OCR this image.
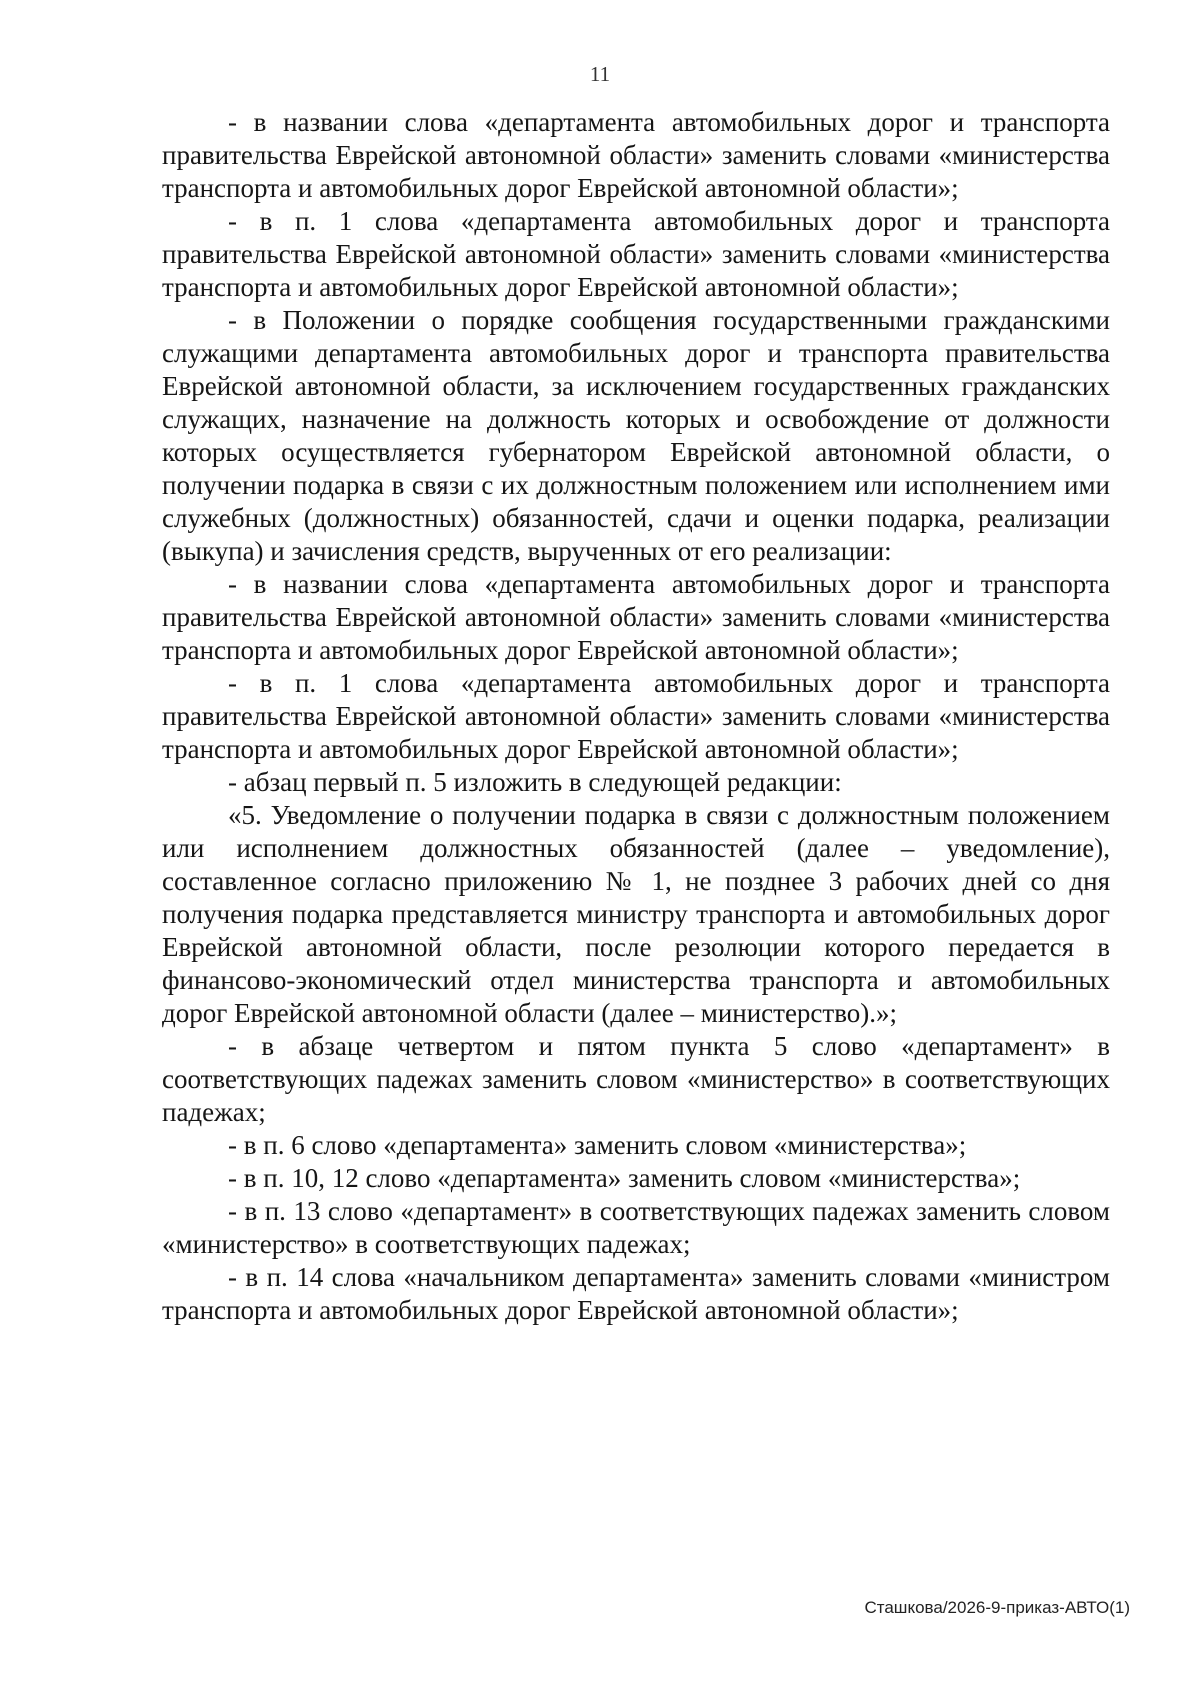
11

- в названии слова «департамента автомобильных дорог и транспорта правительства Еврейской автономной области» заменить словами «министерства транспорта и автомобильных дорог Еврейской автономной области»;

- в п. 1 слова «департамента автомобильных дорог и транспорта правительства Еврейской автономной области» заменить словами «министерства транспорта и автомобильных дорог Еврейской автономной области»;

- в Положении о порядке сообщения государственными гражданскими служащими департамента автомобильных дорог и транспорта правительства Еврейской автономной области, за исключением государственных гражданских служащих, назначение на должность которых и освобождение от должности которых осуществляется губернатором Еврейской автономной области, о получении подарка в связи с их должностным положением или исполнением ими служебных (должностных) обязанностей, сдачи и оценки подарка, реализации (выкупа) и зачисления средств, вырученных от его реализации:

- в названии слова «департамента автомобильных дорог и транспорта правительства Еврейской автономной области» заменить словами «министерства транспорта и автомобильных дорог Еврейской автономной области»;

- в п. 1 слова «департамента автомобильных дорог и транспорта правительства Еврейской автономной области» заменить словами «министерства транспорта и автомобильных дорог Еврейской автономной области»;

- абзац первый п. 5 изложить в следующей редакции:

«5. Уведомление о получении подарка в связи с должностным положением или исполнением должностных обязанностей (далее – уведомление), составленное согласно приложению № 1, не позднее 3 рабочих дней со дня получения подарка представляется министру транспорта и автомобильных дорог Еврейской автономной области, после резолюции которого передается в финансово-экономический отдел министерства транспорта и автомобильных дорог Еврейской автономной области (далее – министерство).»;

- в абзаце четвертом и пятом пункта 5 слово «департамент» в соответствующих падежах заменить словом «министерство» в соответствующих падежах;

- в п. 6 слово «департамента» заменить словом «министерства»;

- в п. 10, 12 слово «департамента» заменить словом «министерства»;

- в п. 13 слово «департамент» в соответствующих падежах заменить словом «министерство» в соответствующих падежах;

- в п. 14 слова «начальником департамента» заменить словами «министром транспорта и автомобильных дорог Еврейской автономной области»;

Сташкова/2026-9-приказ-АВТО(1)
